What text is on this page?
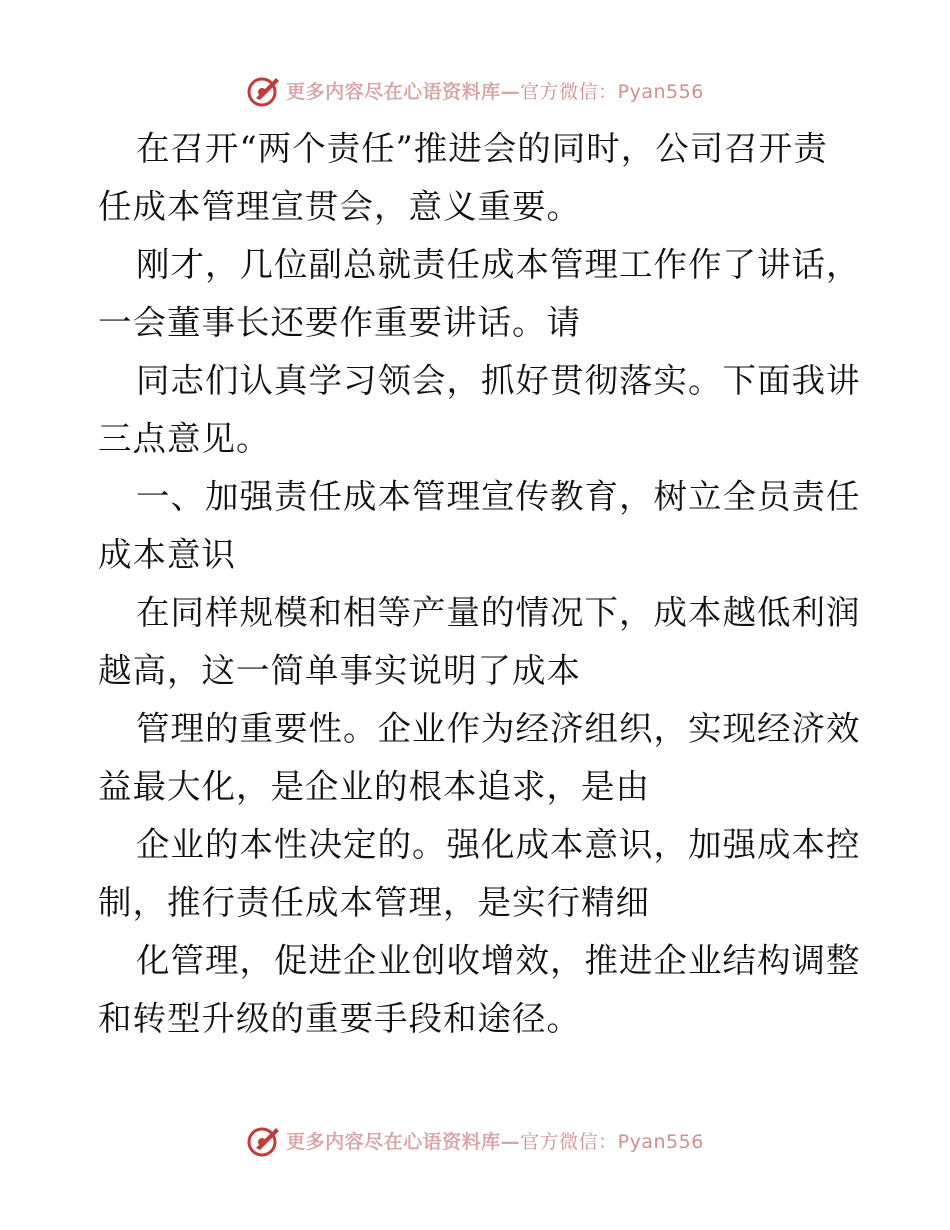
更多内容尽在心语资料库—官方微信：Pyan556
在召开“两个责任”推进会的同时，公司召开责
任成本管理宣贯会，意义重要。
刚才，几位副总就责任成本管理工作作了讲话，
一会董事长还要作重要讲话。请
同志们认真学习领会，抓好贯彻落实。下面我讲
三点意见。
一、加强责任成本管理宣传教育，树立全员责任
成本意识
在同样规模和相等产量的情况下，成本越低利润
越高，这一简单事实说明了成本
管理的重要性。企业作为经济组织，实现经济效
益最大化，是企业的根本追求，是由
企业的本性决定的。强化成本意识，加强成本控
制，推行责任成本管理，是实行精细
化管理，促进企业创收增效，推进企业结构调整
和转型升级的重要手段和途径。
更多内容尽在心语资料库—官方微信：Pyan556
